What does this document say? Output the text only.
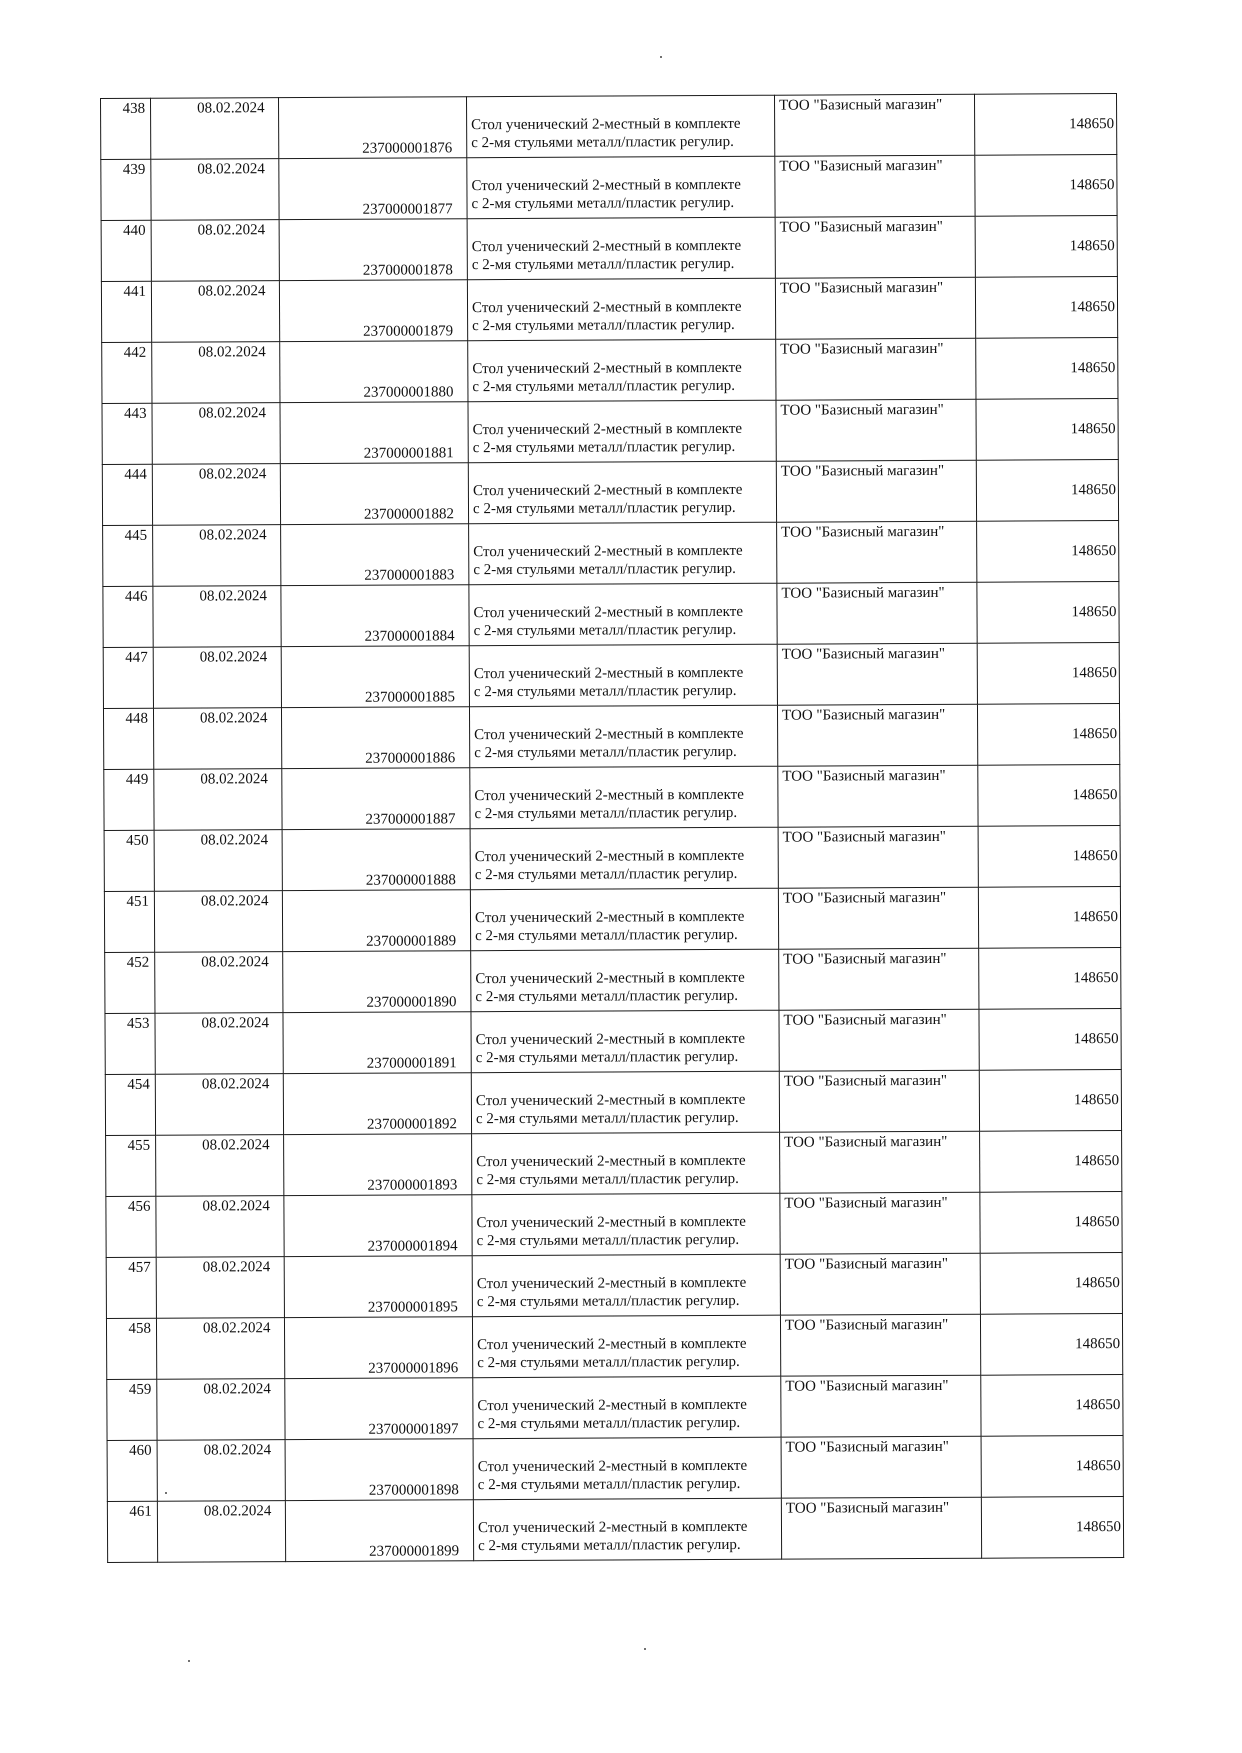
438	08.02.2024	237000001876	Стол ученический 2-местный в комплекте
с 2-мя стульями металл/пластик регулир.	ТОО "Базисный магазин"	148650

439	08.02.2024	237000001877	Стол ученический 2-местный в комплекте
с 2-мя стульями металл/пластик регулир.	ТОО "Базисный магазин"	148650

440	08.02.2024	237000001878	Стол ученический 2-местный в комплекте
с 2-мя стульями металл/пластик регулир.	ТОО "Базисный магазин"	148650

441	08.02.2024	237000001879	Стол ученический 2-местный в комплекте
с 2-мя стульями металл/пластик регулир.	ТОО "Базисный магазин"	148650

442	08.02.2024	237000001880	Стол ученический 2-местный в комплекте
с 2-мя стульями металл/пластик регулир.	ТОО "Базисный магазин"	148650

443	08.02.2024	237000001881	Стол ученический 2-местный в комплекте
с 2-мя стульями металл/пластик регулир.	ТОО "Базисный магазин"	148650

444	08.02.2024	237000001882	Стол ученический 2-местный в комплекте
с 2-мя стульями металл/пластик регулир.	ТОО "Базисный магазин"	148650

445	08.02.2024	237000001883	Стол ученический 2-местный в комплекте
с 2-мя стульями металл/пластик регулир.	ТОО "Базисный магазин"	148650

446	08.02.2024	237000001884	Стол ученический 2-местный в комплекте
с 2-мя стульями металл/пластик регулир.	ТОО "Базисный магазин"	148650

447	08.02.2024	237000001885	Стол ученический 2-местный в комплекте
с 2-мя стульями металл/пластик регулир.	ТОО "Базисный магазин"	148650

448	08.02.2024	237000001886	Стол ученический 2-местный в комплекте
с 2-мя стульями металл/пластик регулир.	ТОО "Базисный магазин"	148650

449	08.02.2024	237000001887	Стол ученический 2-местный в комплекте
с 2-мя стульями металл/пластик регулир.	ТОО "Базисный магазин"	148650

450	08.02.2024	237000001888	Стол ученический 2-местный в комплекте
с 2-мя стульями металл/пластик регулир.	ТОО "Базисный магазин"	148650

451	08.02.2024	237000001889	Стол ученический 2-местный в комплекте
с 2-мя стульями металл/пластик регулир.	ТОО "Базисный магазин"	148650

452	08.02.2024	237000001890	Стол ученический 2-местный в комплекте
с 2-мя стульями металл/пластик регулир.	ТОО "Базисный магазин"	148650

453	08.02.2024	237000001891	Стол ученический 2-местный в комплекте
с 2-мя стульями металл/пластик регулир.	ТОО "Базисный магазин"	148650

454	08.02.2024	237000001892	Стол ученический 2-местный в комплекте
с 2-мя стульями металл/пластик регулир.	ТОО "Базисный магазин"	148650

455	08.02.2024	237000001893	Стол ученический 2-местный в комплекте
с 2-мя стульями металл/пластик регулир.	ТОО "Базисный магазин"	148650

456	08.02.2024	237000001894	Стол ученический 2-местный в комплекте
с 2-мя стульями металл/пластик регулир.	ТОО "Базисный магазин"	148650

457	08.02.2024	237000001895	Стол ученический 2-местный в комплекте
с 2-мя стульями металл/пластик регулир.	ТОО "Базисный магазин"	148650

458	08.02.2024	237000001896	Стол ученический 2-местный в комплекте
с 2-мя стульями металл/пластик регулир.	ТОО "Базисный магазин"	148650

459	08.02.2024	237000001897	Стол ученический 2-местный в комплекте
с 2-мя стульями металл/пластик регулир.	ТОО "Базисный магазин"	148650

460	08.02.2024	237000001898	Стол ученический 2-местный в комплекте
с 2-мя стульями металл/пластик регулир.	ТОО "Базисный магазин"	148650

461	08.02.2024	237000001899	Стол ученический 2-местный в комплекте
с 2-мя стульями металл/пластик регулир.	ТОО "Базисный магазин"	148650
